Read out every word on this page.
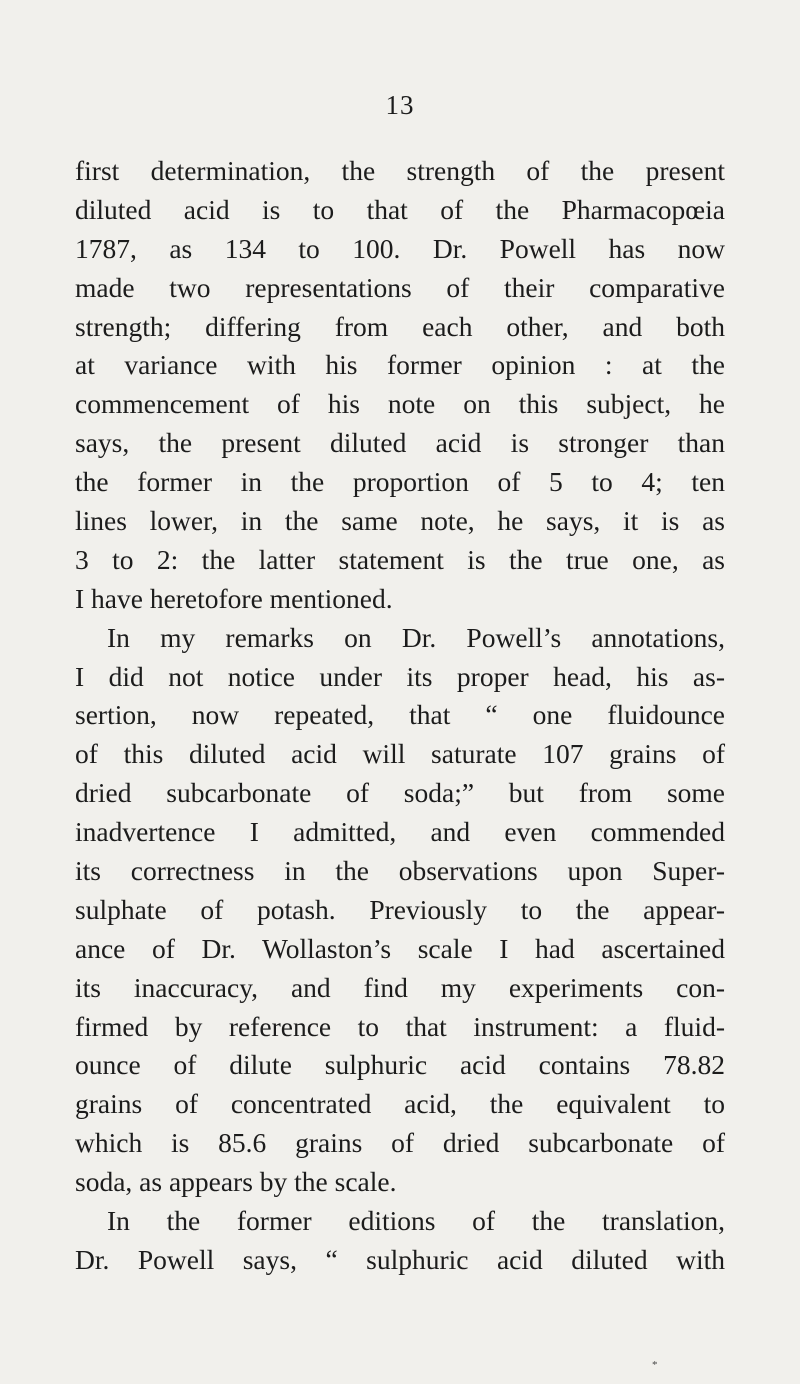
13
first determination, the strength of the present
diluted acid is to that of the Pharmacopœia
1787, as 134 to 100. Dr. Powell has now
made two representations of their comparative
strength; differing from each other, and both
at variance with his former opinion : at the
commencement of his note on this subject, he
says, the present diluted acid is stronger than
the former in the proportion of 5 to 4; ten
lines lower, in the same note, he says, it is as
3 to 2: the latter statement is the true one, as
I have heretofore mentioned.
In my remarks on Dr. Powell’s annotations,
I did not notice under its proper head, his as-
sertion, now repeated, that “ one fluidounce
of this diluted acid will saturate 107 grains of
dried subcarbonate of soda;” but from some
inadvertence I admitted, and even commended
its correctness in the observations upon Super-
sulphate of potash. Previously to the appear-
ance of Dr. Wollaston’s scale I had ascertained
its inaccuracy, and find my experiments con-
firmed by reference to that instrument: a fluid-
ounce of dilute sulphuric acid contains 78.82
grains of concentrated acid, the equivalent to
which is 85.6 grains of dried subcarbonate of
soda, as appears by the scale.
In the former editions of the translation,
Dr. Powell says, “ sulphuric acid diluted with
*
